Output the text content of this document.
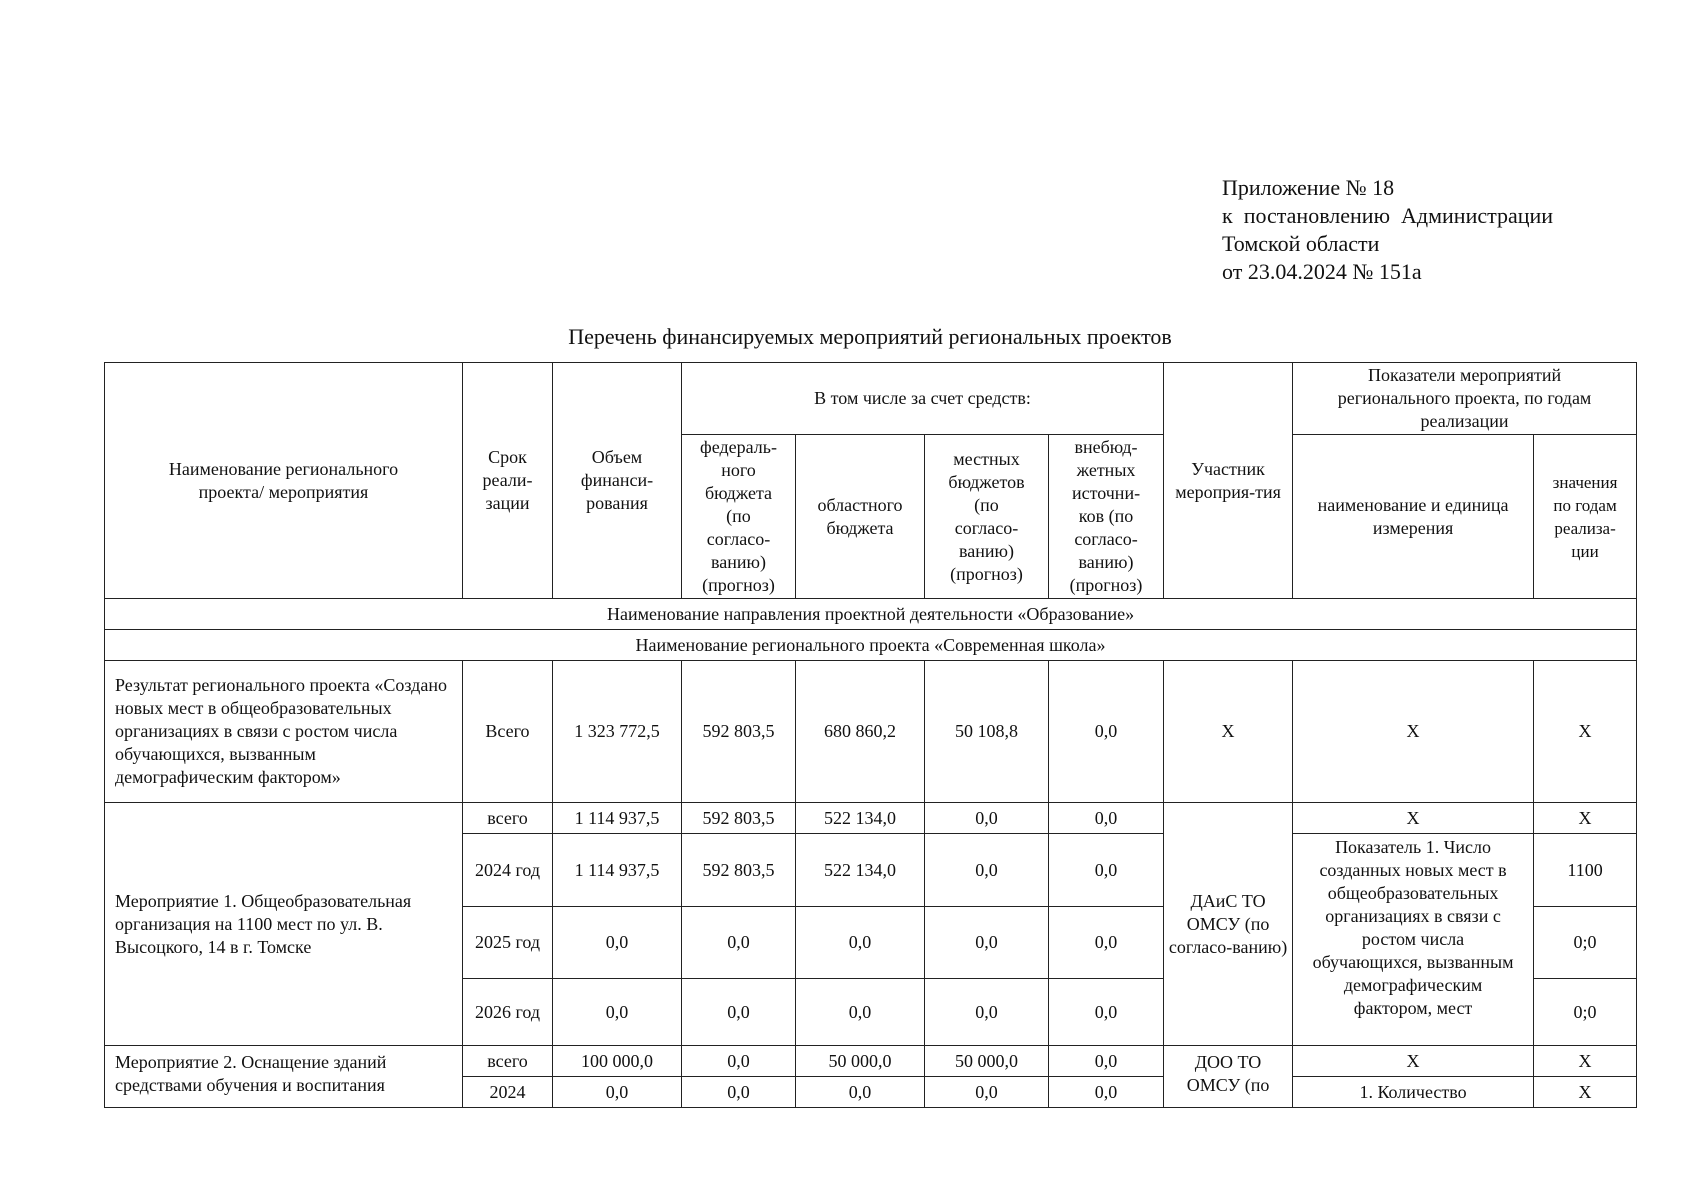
Приложение № 18
к  постановлению  Администрации
Томской области
от 23.04.2024 № 151а
Перечень финансируемых мероприятий региональных проектов
Наименование регионального проекта/ мероприятия	Срок реали-зации	Объем финанси-рования	В том числе за счет средств:				Участник мероприя-тия	Показатели мероприятий регионального проекта, по годам реализации	
			федераль-ного бюджета (по согласо-ванию) (прогноз)	областного бюджета	местных бюджетов (по согласо-ванию) (прогноз)	внебюд-жетных источни-ков (по согласо-ванию) (прогноз)		наименование и единица измерения	значения по годам реализа-ции
Наименование направления проектной деятельности «Образование»									
Наименование регионального проекта «Современная школа»									
Результат регионального проекта «Создано новых мест в общеобразовательных организациях в связи с ростом числа обучающихся, вызванным демографическим фактором»	Всего	1 323 772,5	592 803,5	680 860,2	50 108,8	0,0	Х	Х	Х
Мероприятие 1. Общеобразовательная организация на 1100 мест по ул. В. Высоцкого, 14 в г. Томске	всего	1 114 937,5	592 803,5	522 134,0	0,0	0,0	ДАиС ТО ОМСУ (по согласо-ванию)	Х	Х
	2024 год	1 114 937,5	592 803,5	522 134,0	0,0	0,0		Показатель 1. Число созданных новых мест в общеобразовательных организациях в связи с ростом числа обучающихся, вызванным демографическим фактором, мест	1100
	2025 год	0,0	0,0	0,0	0,0	0,0			0;0
	2026 год	0,0	0,0	0,0	0,0	0,0			0;0
Мероприятие 2. Оснащение зданий средствами обучения и воспитания	всего	100 000,0	0,0	50 000,0	50 000,0	0,0	ДОО ТО ОМСУ (по	Х	Х
	2024	0,0	0,0	0,0	0,0	0,0		1. Количество	Х
